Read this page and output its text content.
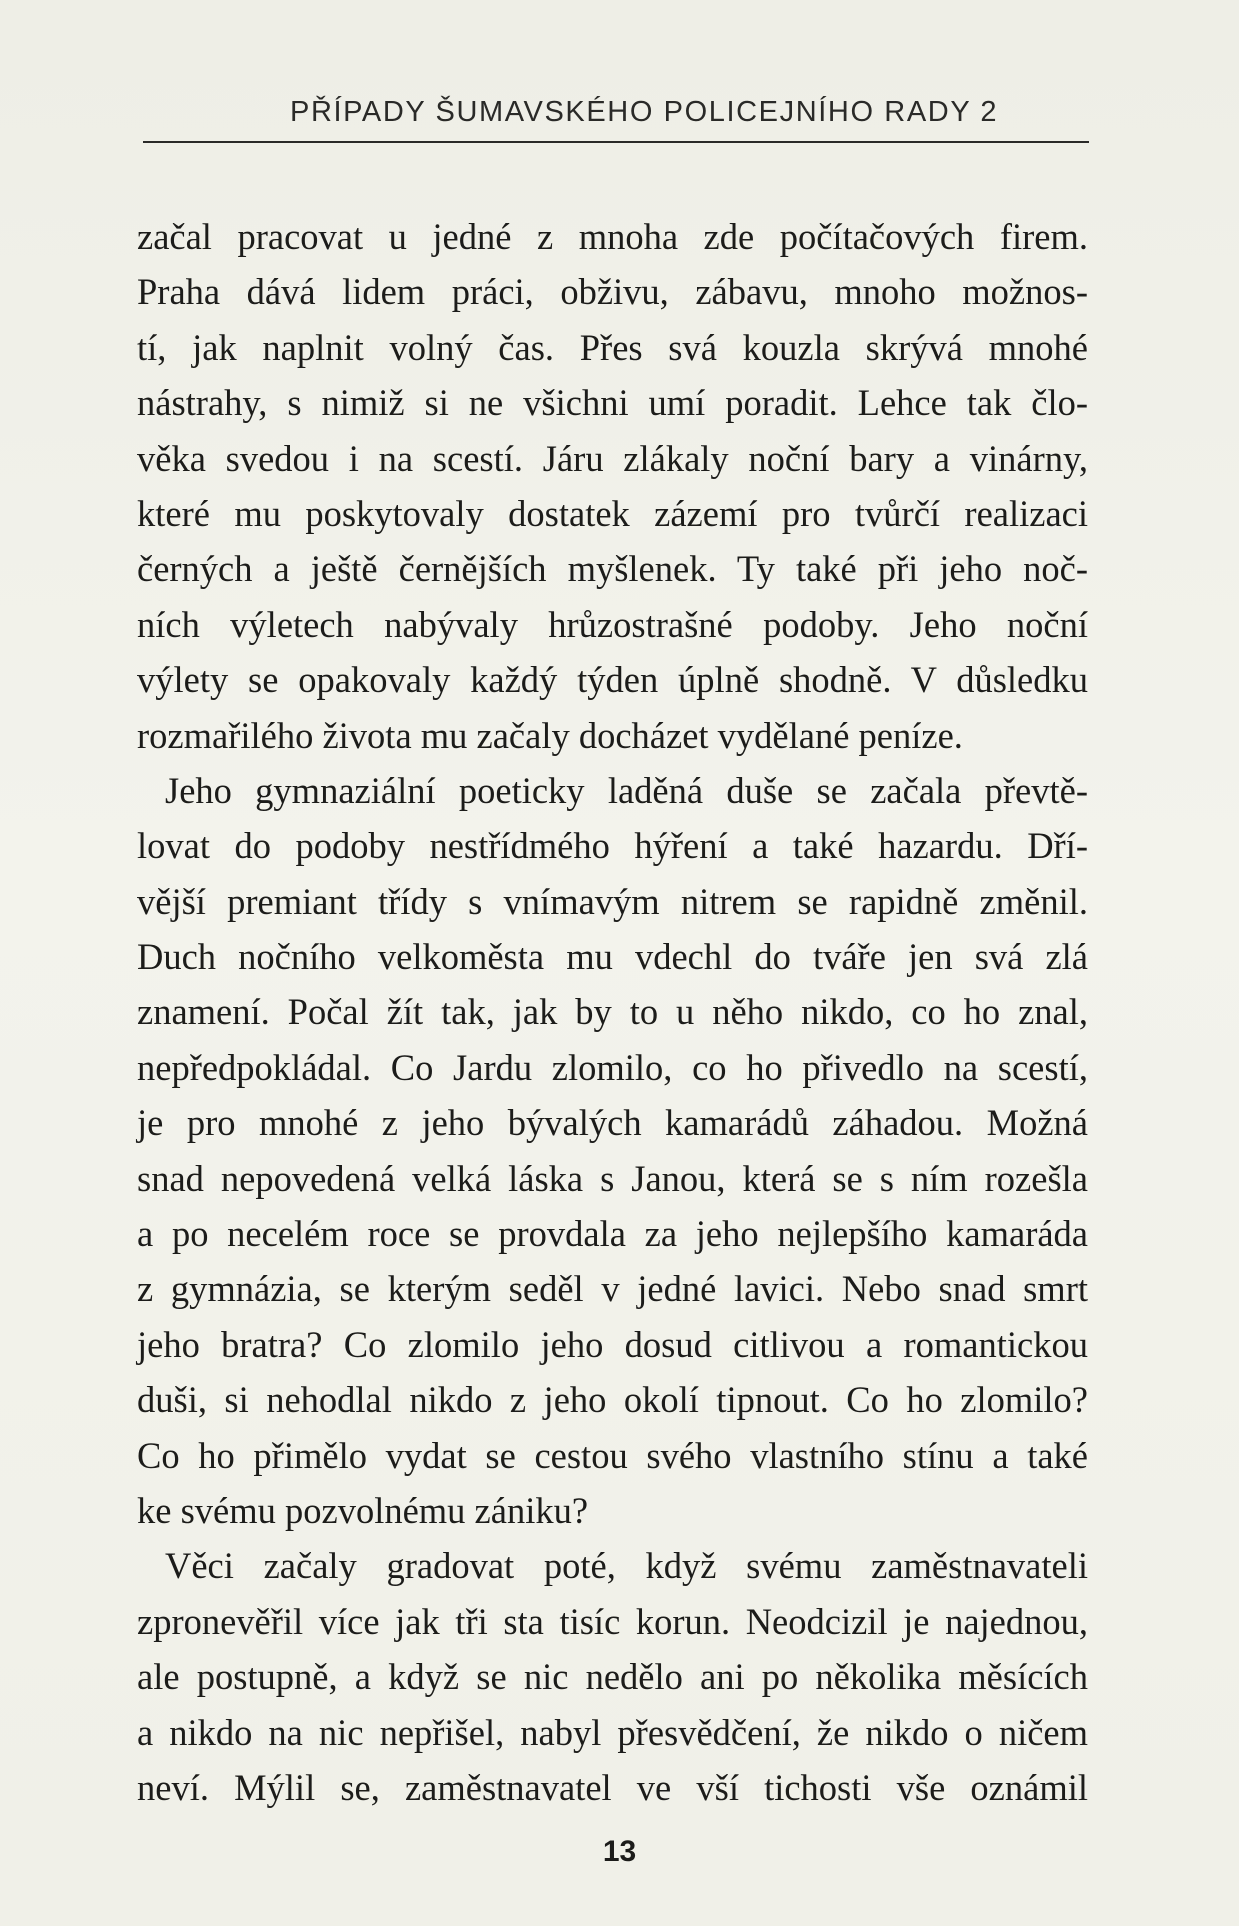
PŘÍPADY ŠUMAVSKÉHO POLICEJNÍHO RADY 2
začal pracovat u jedné z mnoha zde počítačových firem.
Praha dává lidem práci, obživu, zábavu, mnoho možnos-
tí, jak naplnit volný čas. Přes svá kouzla skrývá mnohé
nástrahy, s nimiž si ne všichni umí poradit. Lehce tak člo-
věka svedou i na scestí. Járu zlákaly noční bary a vinárny,
které mu poskytovaly dostatek zázemí pro tvůrčí realizaci
černých a ještě černějších myšlenek. Ty také při jeho noč-
ních výletech nabývaly hrůzostrašné podoby. Jeho noční
výlety se opakovaly každý týden úplně shodně. V důsledku
rozmařilého života mu začaly docházet vydělané peníze.
Jeho gymnaziální poeticky laděná duše se začala převtě-
lovat do podoby nestřídmého hýření a také hazardu. Dří-
vější premiant třídy s vnímavým nitrem se rapidně změnil.
Duch nočního velkoměsta mu vdechl do tváře jen svá zlá
znamení. Počal žít tak, jak by to u něho nikdo, co ho znal,
nepředpokládal. Co Jardu zlomilo, co ho přivedlo na scestí,
je pro mnohé z jeho bývalých kamarádů záhadou. Možná
snad nepovedená velká láska s Janou, která se s ním rozešla
a po necelém roce se provdala za jeho nejlepšího kamaráda
z gymnázia, se kterým seděl v jedné lavici. Nebo snad smrt
jeho bratra? Co zlomilo jeho dosud citlivou a romantickou
duši, si nehodlal nikdo z jeho okolí tipnout. Co ho zlomilo?
Co ho přimělo vydat se cestou svého vlastního stínu a také
ke svému pozvolnému zániku?
Věci začaly gradovat poté, když svému zaměstnavateli
zpronevěřil více jak tři sta tisíc korun. Neodcizil je najednou,
ale postupně, a když se nic nedělo ani po několika měsících
a nikdo na nic nepřišel, nabyl přesvědčení, že nikdo o ničem
neví. Mýlil se, zaměstnavatel ve vší tichosti vše oznámil
13
